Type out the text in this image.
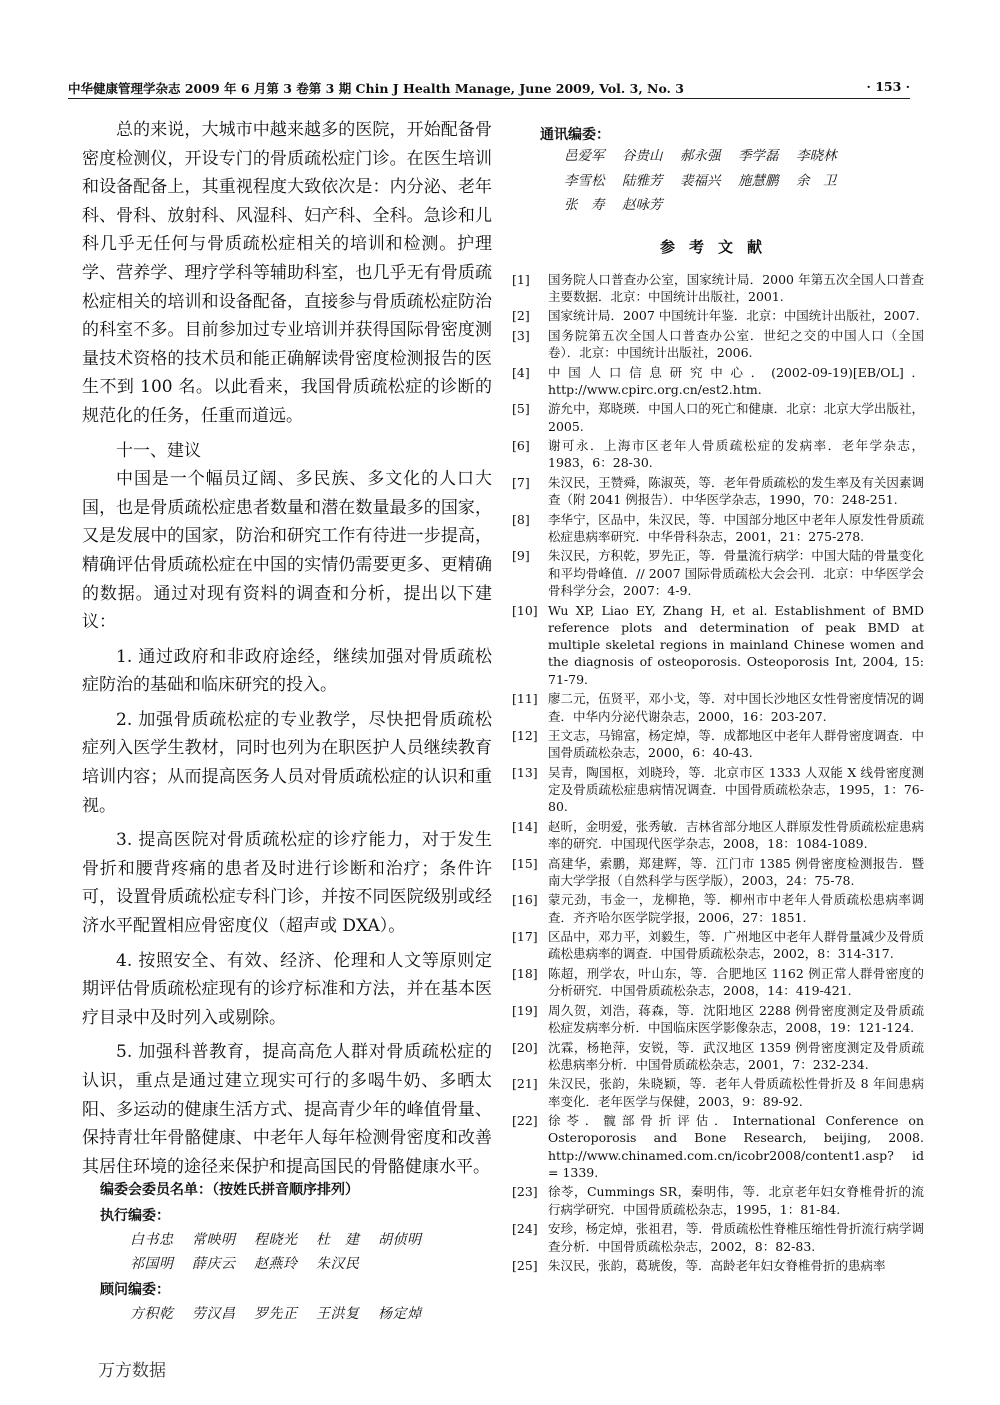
中华健康管理学杂志 2009 年 6 月第 3 卷第 3 期 Chin J Health Manage, June 2009, Vol. 3, No. 3	· 153 ·

总的来说，大城市中越来越多的医院，开始配备骨密度检测仪，开设专门的骨质疏松症门诊。在医生培训和设备配备上，其重视程度大致依次是：内分泌、老年科、骨科、放射科、风湿科、妇产科、全科。急诊和儿科几乎无任何与骨质疏松症相关的培训和检测。护理学、营养学、理疗学科等辅助科室，也几乎无有骨质疏松症相关的培训和设备配备，直接参与骨质疏松症防治的科室不多。目前参加过专业培训并获得国际骨密度测量技术资格的技术员和能正确解读骨密度检测报告的医生不到 100 名。以此看来，我国骨质疏松症的诊断的规范化的任务，任重而道远。

十一、建议

中国是一个幅员辽阔、多民族、多文化的人口大国，也是骨质疏松症患者数量和潜在数量最多的国家，又是发展中的国家，防治和研究工作有待进一步提高，精确评估骨质疏松症在中国的实情仍需要更多、更精确的数据。通过对现有资料的调查和分析，提出以下建议：

1. 通过政府和非政府途经，继续加强对骨质疏松症防治的基础和临床研究的投入。

2. 加强骨质疏松症的专业教学，尽快把骨质疏松症列入医学生教材，同时也列为在职医护人员继续教育培训内容；从而提高医务人员对骨质疏松症的认识和重视。

3. 提高医院对骨质疏松症的诊疗能力，对于发生骨折和腰背疼痛的患者及时进行诊断和治疗；条件许可，设置骨质疏松症专科门诊，并按不同医院级别或经济水平配置相应骨密度仪（超声或 DXA）。

4. 按照安全、有效、经济、伦理和人文等原则定期评估骨质疏松症现有的诊疗标准和方法，并在基本医疗目录中及时列入或剔除。

5. 加强科普教育，提高高危人群对骨质疏松症的认识，重点是通过建立现实可行的多喝牛奶、多晒太阳、多运动的健康生活方式、提高青少年的峰值骨量、保持青壮年骨骼健康、中老年人每年检测骨密度和改善其居住环境的途径来保护和提高国民的骨骼健康水平。

编委会委员名单：（按姓氏拼音顺序排列）
执行编委：
白书忠 常映明 程晓光 杜　建 胡侦明
祁国明 薛庆云 赵燕玲 朱汉民
顾问编委：
方积乾 劳汉昌 罗先正 王洪复 杨定焯
通讯编委：
邑爱军 谷贵山 郝永强 季学磊 李晓林
李雪松 陆雅芳 裴福兴 施慧鹏 余　卫
张　寿 赵咏芳
参考文献
[1]	国务院人口普查办公室，国家统计局．2000 年第五次全国人口普查主要数据．北京：中国统计出版社，2001.
[2]	国家统计局．2007 中国统计年鉴．北京：中国统计出版社，2007.
[3]	国务院第五次全国人口普查办公室．世纪之交的中国人口（全国卷）．北京：中国统计出版社，2006.
[4]	中国人口信息研究中心．(2002-09-19)[EB/OL]．http://www.cpirc.org.cn/est2.htm.
[5]	游允中，郑晓瑛．中国人口的死亡和健康．北京：北京大学出版社，2005.
[6]	谢可永．上海市区老年人骨质疏松症的发病率．老年学杂志，1983，6：28-30.
[7]	朱汉民，王赞舜，陈淑英，等．老年骨质疏松的发生率及有关因素调查（附 2041 例报告）．中华医学杂志，1990，70：248-251.
[8]	李华宁，区品中，朱汉民，等．中国部分地区中老年人原发性骨质疏松症患病率研究．中华骨科杂志，2001，21：275-278.
[9]	朱汉民，方积乾，罗先正，等．骨量流行病学：中国大陆的骨量变化和平均骨峰值．// 2007 国际骨质疏松大会会刊．北京：中华医学会骨科学分会，2007：4-9.
[10] Wu XP, Liao EY, Zhang H, et al. Establishment of BMD reference plots and determination of peak BMD at multiple skeletal regions in mainland Chinese women and the diagnosis of osteoporosis. Osteoporosis Int, 2004, 15: 71-79.
[11] 廖二元，伍贤平，邓小戈，等．对中国长沙地区女性骨密度情况的调查．中华内分泌代谢杂志，2000，16：203-207.
[12] 王文志，马锦富，杨定焯，等．成都地区中老年人群骨密度调查．中国骨质疏松杂志，2000，6：40-43.
[13] 吴青，陶国枢，刘晓玲，等．北京市区 1333 人双能 X 线骨密度测定及骨质疏松症患病情况调查．中国骨质疏松杂志，1995，1：76-80.
[14] 赵昕，金明爱，张秀敏．吉林省部分地区人群原发性骨质疏松症患病率的研究．中国现代医学杂志，2008，18：1084-1089.
[15] 高建华，索鹏，郑建辉，等．江门市 1385 例骨密度检测报告．暨南大学学报（自然科学与医学版），2003，24：75-78.
[16] 蒙元劲，韦金一，龙柳艳，等．柳州市中老年人骨质疏松患病率调查．齐齐哈尔医学院学报，2006，27：1851.
[17] 区品中，邓力平，刘毅生，等．广州地区中老年人群骨量减少及骨质疏松患病率的调查．中国骨质疏松杂志，2002，8：314-317.
[18] 陈超，刑学农，叶山东，等．合肥地区 1162 例正常人群骨密度的分析研究．中国骨质疏松杂志，2008，14：419-421.
[19] 周久贺，刘浩，蒋森，等．沈阳地区 2288 例骨密度测定及骨质疏松症发病率分析．中国临床医学影像杂志，2008，19：121-124.
[20] 沈霖，杨艳萍，安锐，等．武汉地区 1359 例骨密度测定及骨质疏松患病率分析．中国骨质疏松杂志，2001，7：232-234.
[21] 朱汉民，张韵，朱晓颖，等．老年人骨质疏松性骨折及 8 年间患病率变化．老年医学与保健，2003，9：89-92.
[22] 徐苓．髋部骨折评估．International Conference on Osteroporosis and Bone Research, beijing, 2008. http://www.chinamed.com.cn/icobr2008/content1.asp? id = 1339.
[23] 徐苓，Cummings SR，秦明伟，等．北京老年妇女脊椎骨折的流行病学研究．中国骨质疏松杂志，1995，1：81-84.
[24] 安珍，杨定焯，张祖君，等．骨质疏松性脊椎压缩性骨折流行病学调查分析．中国骨质疏松杂志，2002，8：82-83.
[25] 朱汉民，张韵，葛琥俊，等．高龄老年妇女脊椎骨折的患病率
万方数据
